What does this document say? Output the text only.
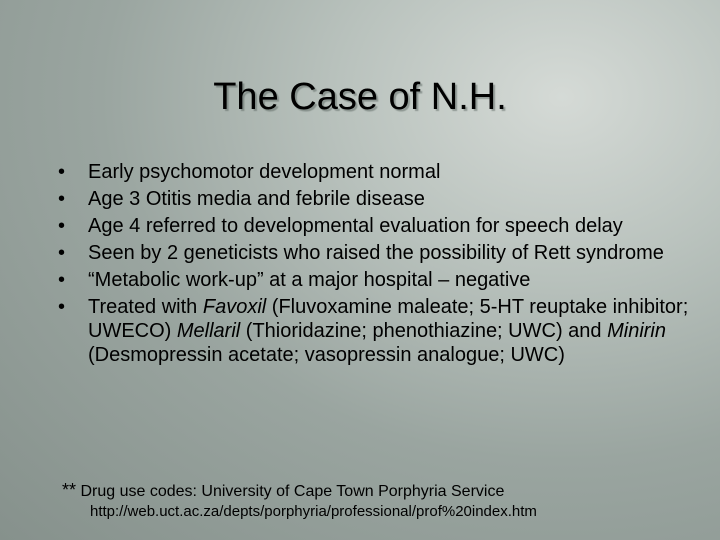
The Case of N.H.
• Early psychomotor development normal
• Age 3 Otitis media and febrile disease
• Age 4 referred to developmental evaluation for speech delay
• Seen by 2 geneticists who raised the possibility of Rett syndrome
• “Metabolic work-up” at a major hospital – negative
• Treated with Favoxil (Fluvoxamine maleate; 5-HT reuptake inhibitor; UWECO) Mellaril (Thioridazine; phenothiazine; UWC) and Minirin (Desmopressin acetate; vasopressin analogue; UWC)
** Drug use codes: University of Cape Town Porphyria Service
http://web.uct.ac.za/depts/porphyria/professional/prof%20index.htm
